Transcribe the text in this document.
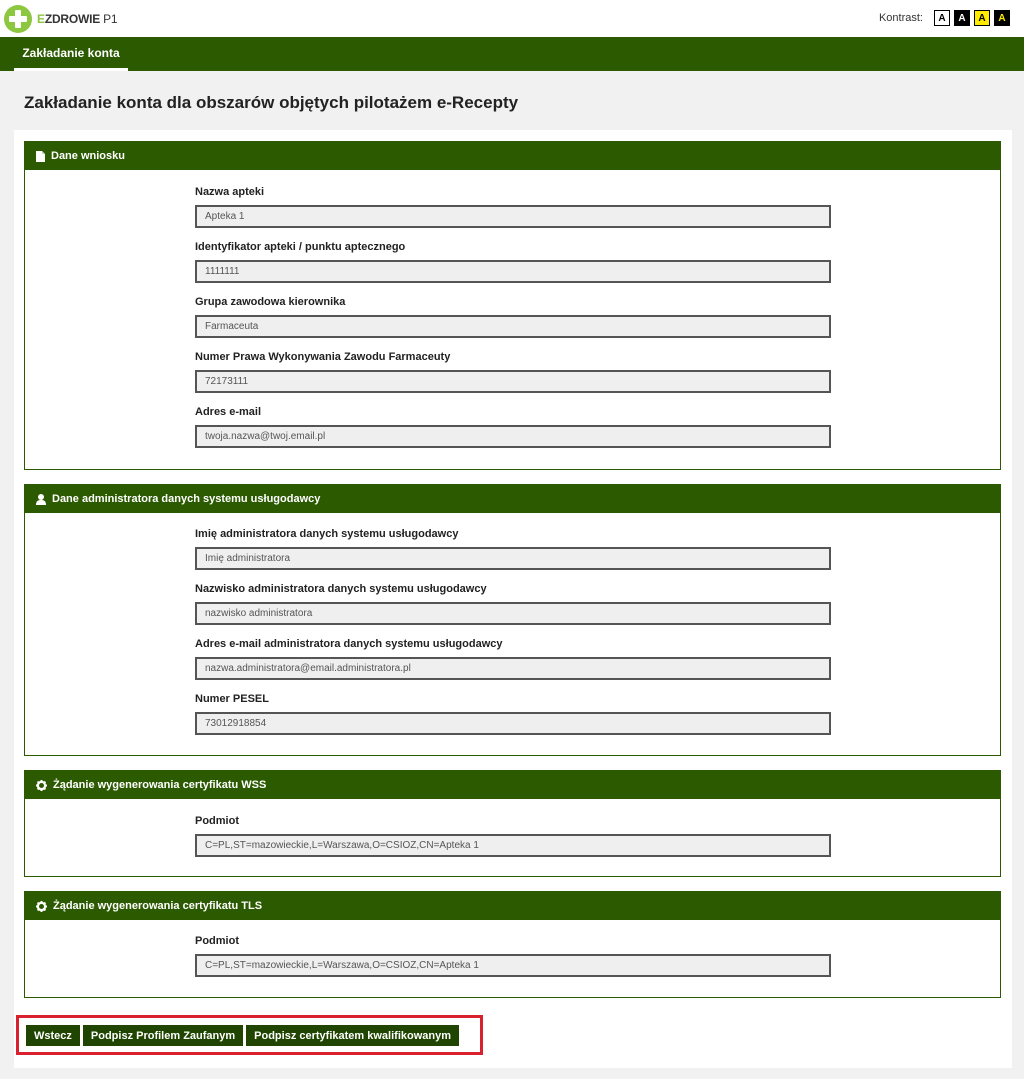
EZDROWIE P1	Kontrast:	A	A	A	A
Zakładanie konta
Zakładanie konta dla obszarów objętych pilotażem e-Recepty
Dane wniosku
Nazwa apteki
Apteka 1
Identyfikator apteki / punktu aptecznego
1111111
Grupa zawodowa kierownika
Farmaceuta
Numer Prawa Wykonywania Zawodu Farmaceuty
72173111
Adres e-mail
twoja.nazwa@twoj.email.pl
Dane administratora danych systemu usługodawcy
Imię administratora danych systemu usługodawcy
Imię administratora
Nazwisko administratora danych systemu usługodawcy
nazwisko administratora
Adres e-mail administratora danych systemu usługodawcy
nazwa.administratora@email.administratora.pl
Numer PESEL
73012918854
Żądanie wygenerowania certyfikatu WSS
Podmiot
C=PL,ST=mazowieckie,L=Warszawa,O=CSIOZ,CN=Apteka 1
Żądanie wygenerowania certyfikatu TLS
Podmiot
C=PL,ST=mazowieckie,L=Warszawa,O=CSIOZ,CN=Apteka 1
Wstecz	Podpisz Profilem Zaufanym	Podpisz certyfikatem kwalifikowanym
